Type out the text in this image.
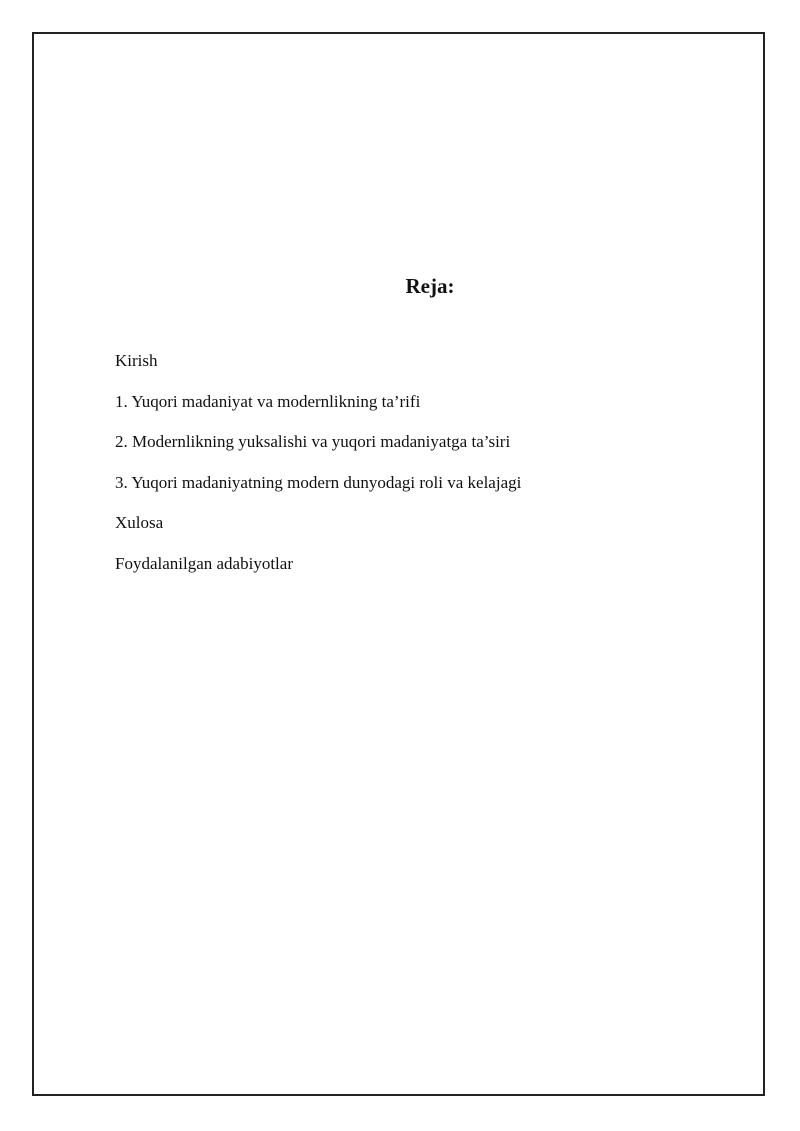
Reja:
Kirish
1. Yuqori madaniyat va modernlikning ta’rifi
2. Modernlikning yuksalishi va yuqori madaniyatga ta’siri
3. Yuqori madaniyatning modern dunyodagi roli va kelajagi
Xulosa
Foydalanilgan adabiyotlar
